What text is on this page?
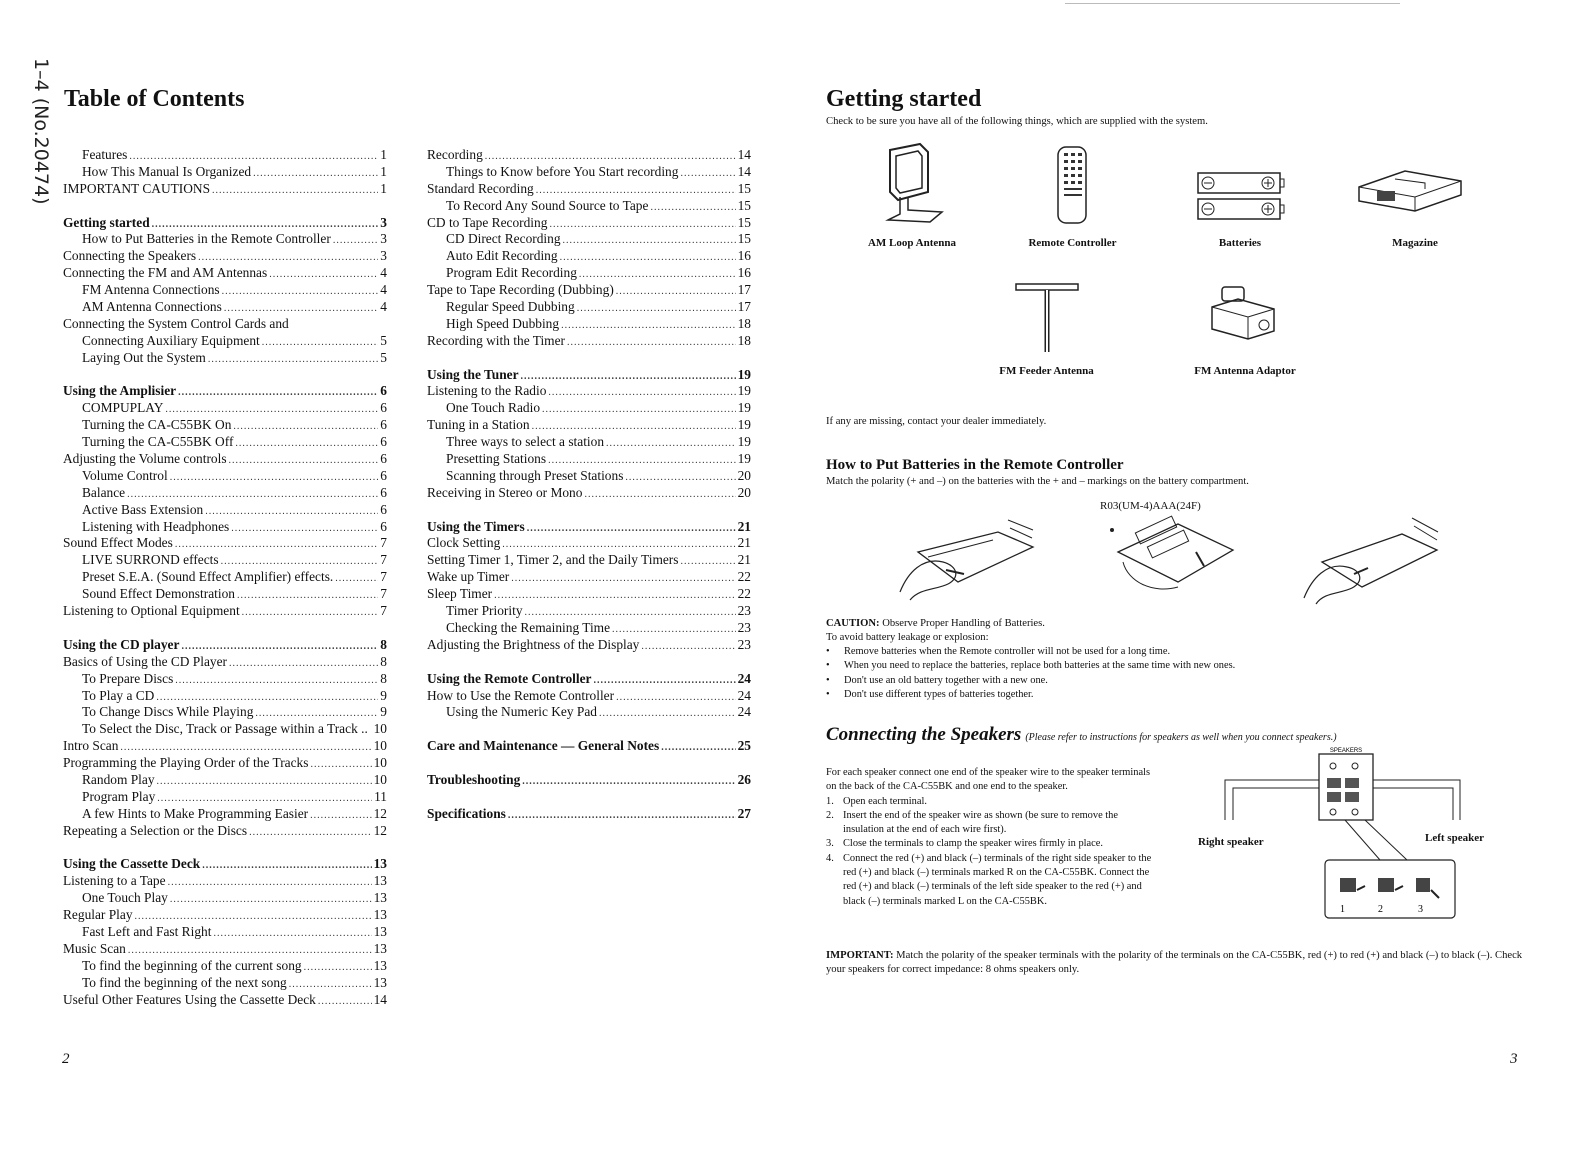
1–4 (No.20474) Table of Contents
Features .....	1
How This Manual Is Organized .....	1
IMPORTANT CAUTIONS .....	1
Getting started .....	3
How to Put Batteries in the Remote Controller .....	3
Connecting the Speakers .....	3
Connecting the FM and AM Antennas .....	4
FM Antenna Connections .....	4
AM Antenna Connections .....	4
Connecting the System Control Cards and
Connecting Auxiliary Equipment .....	5
Laying Out the System .....	5
Using the Amplisier .....	6
COMPUPLAY .....	6
Turning the CA-C55BK On .....	6
Turning the CA-C55BK Off .....	6
Adjusting the Volume controls .....	6
Volume Control .....	6
Balance .....	6
Active Bass Extension .....	6
Listening with Headphones .....	6
Sound Effect Modes .....	7
LIVE SURROND effects .....	7
Preset S.E.A. (Sound Effect Amplifier) effects. .....	7
Sound Effect Demonstration .....	7
Listening to Optional Equipment .....	7
Using the CD player .....	8
Basics of Using the CD Player .....	8
To Prepare Discs .....	8
To Play a CD .....	9
To Change Discs While Playing .....	9
To Select the Disc, Track or Passage within a Track .. 10
Intro Scan .....	10
Programming the Playing Order of the Tracks .....	10
Random Play .....	10
Program Play .....	11
A few Hints to Make Programming Easier .....	12
Repeating a Selection or the Discs .....	12
Using the Cassette Deck .....	13
Listening to a Tape .....	13
One Touch Play .....	13
Regular Play .....	13
Fast Left and Fast Right .....	13
Music Scan .....	13
To find the beginning of the current song .....	13
To find the beginning of the next song .....	13
Useful Other Features Using the Cassette Deck .....	14
Recording .....	14
Things to Know before You Start recording .....	14
Standard Recording .....	15
To Record Any Sound Source to Tape .....	15
CD to Tape Recording .....	15
CD Direct Recording .....	15
Auto Edit Recording .....	16
Program Edit Recording .....	16
Tape to Tape Recording (Dubbing) .....	17
Regular Speed Dubbing .....	17
High Speed Dubbing .....	18
Recording with the Timer .....	18
Using the Tuner .....	19
Listening to the Radio .....	19
One Touch Radio .....	19
Tuning in a Station .....	19
Three ways to select a station .....	19
Presetting Stations .....	19
Scanning through Preset Stations .....	20
Receiving in Stereo or Mono .....	20
Using the Timers .....	21
Clock Setting .....	21
Setting Timer 1, Timer 2, and the Daily Timers .....	21
Wake up Timer .....	22
Sleep Timer .....	22
Timer Priority .....	23
Checking the Remaining Time .....	23
Adjusting the Brightness of the Display .....	23
Using the Remote Controller .....	24
How to Use the Remote Controller .....	24
Using the Numeric Key Pad .....	24
Care and Maintenance — General Notes .....	25
Troubleshooting .....	26
Specifications .....	27
2
Getting started
Check to be sure you have all of the following things, which are supplied with the system.
AM Loop Antenna	Remote Controller	Batteries	Magazine
FM Feeder Antenna	FM Antenna Adaptor
If any are missing, contact your dealer immediately.
How to Put Batteries in the Remote Controller
Match the polarity (+ and –) on the batteries with the + and – markings on the battery compartment.
R03(UM-4)AAA(24F)
CAUTION: Observe Proper Handling of Batteries.
To avoid battery leakage or explosion:
• Remove batteries when the Remote controller will not be used for a long time.
• When you need to replace the batteries, replace both batteries at the same time with new ones.
• Don't use an old battery together with a new one.
• Don't use different types of batteries together.
Connecting the Speakers (Please refer to instructions for speakers as well when you connect speakers.)
For each speaker connect one end of the speaker wire to the speaker terminals on the back of the CA-C55BK and one end to the speaker.
1. Open each terminal.
2. Insert the end of the speaker wire as shown (be sure to remove the insulation at the end of each wire first).
3. Close the terminals to clamp the speaker wires firmly in place.
4. Connect the red (+) and black (–) terminals of the right side speaker to the red (+) and black (–) terminals marked R on the CA-C55BK. Connect the red (+) and black (–) terminals of the left side speaker to the red (+) and black (–) terminals marked L on the CA-C55BK.
SPEAKERS
1	2	3
Right speaker	Left speaker
IMPORTANT: Match the polarity of the speaker terminals with the polarity of the terminals on the CA-C55BK, red (+) to red (+) and black (–) to black (–). Check your speakers for correct impedance: 8 ohms speakers only.
3
